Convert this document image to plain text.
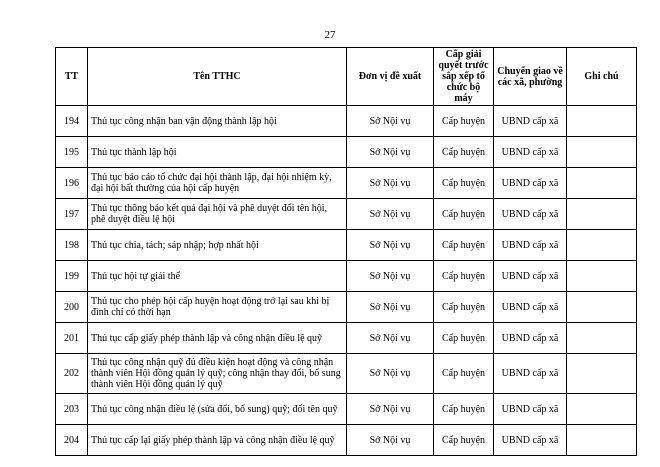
27
TT	Tên TTHC	Đơn vị đề xuất	Cấp giải quyết trước sắp xếp tổ chức bộ máy	Chuyển giao về các xã, phường	Ghi chú
194	Thủ tục công nhận ban vận động thành lập hội	Sở Nội vụ	Cấp huyện	UBND cấp xã	
195	Thủ tục thành lập hội	Sở Nội vụ	Cấp huyện	UBND cấp xã	
196	Thủ tục báo cáo tổ chức đại hội thành lập, đại hội nhiệm kỳ, đại hội bất thường của hội cấp huyện	Sở Nội vụ	Cấp huyện	UBND cấp xã	
197	Thủ tục thông báo kết quả đại hội và phê duyệt đổi tên hội, phê duyệt điều lệ hội	Sở Nội vụ	Cấp huyện	UBND cấp xã	
198	Thủ tục chia, tách; sáp nhập; hợp nhất hội	Sở Nội vụ	Cấp huyện	UBND cấp xã	
199	Thủ tục hội tự giải thể	Sở Nội vụ	Cấp huyện	UBND cấp xã	
200	Thủ tục cho phép hội cấp huyện hoạt động trở lại sau khi bị đình chỉ có thời hạn	Sở Nội vụ	Cấp huyện	UBND cấp xã	
201	Thủ tục cấp giấy phép thành lập và công nhận điều lệ quỹ	Sở Nội vụ	Cấp huyện	UBND cấp xã	
202	Thủ tục công nhận quỹ đủ điều kiện hoạt động và công nhận thành viên Hội đồng quản lý quỹ; công nhận thay đổi, bổ sung thành viên Hội đồng quản lý quỹ	Sở Nội vụ	Cấp huyện	UBND cấp xã	
203	Thủ tục công nhận điều lệ (sửa đổi, bổ sung) quỹ; đổi tên quỹ	Sở Nội vụ	Cấp huyện	UBND cấp xã	
204	Thủ tục cấp lại giấy phép thành lập và công nhận điều lệ quỹ	Sở Nội vụ	Cấp huyện	UBND cấp xã	
